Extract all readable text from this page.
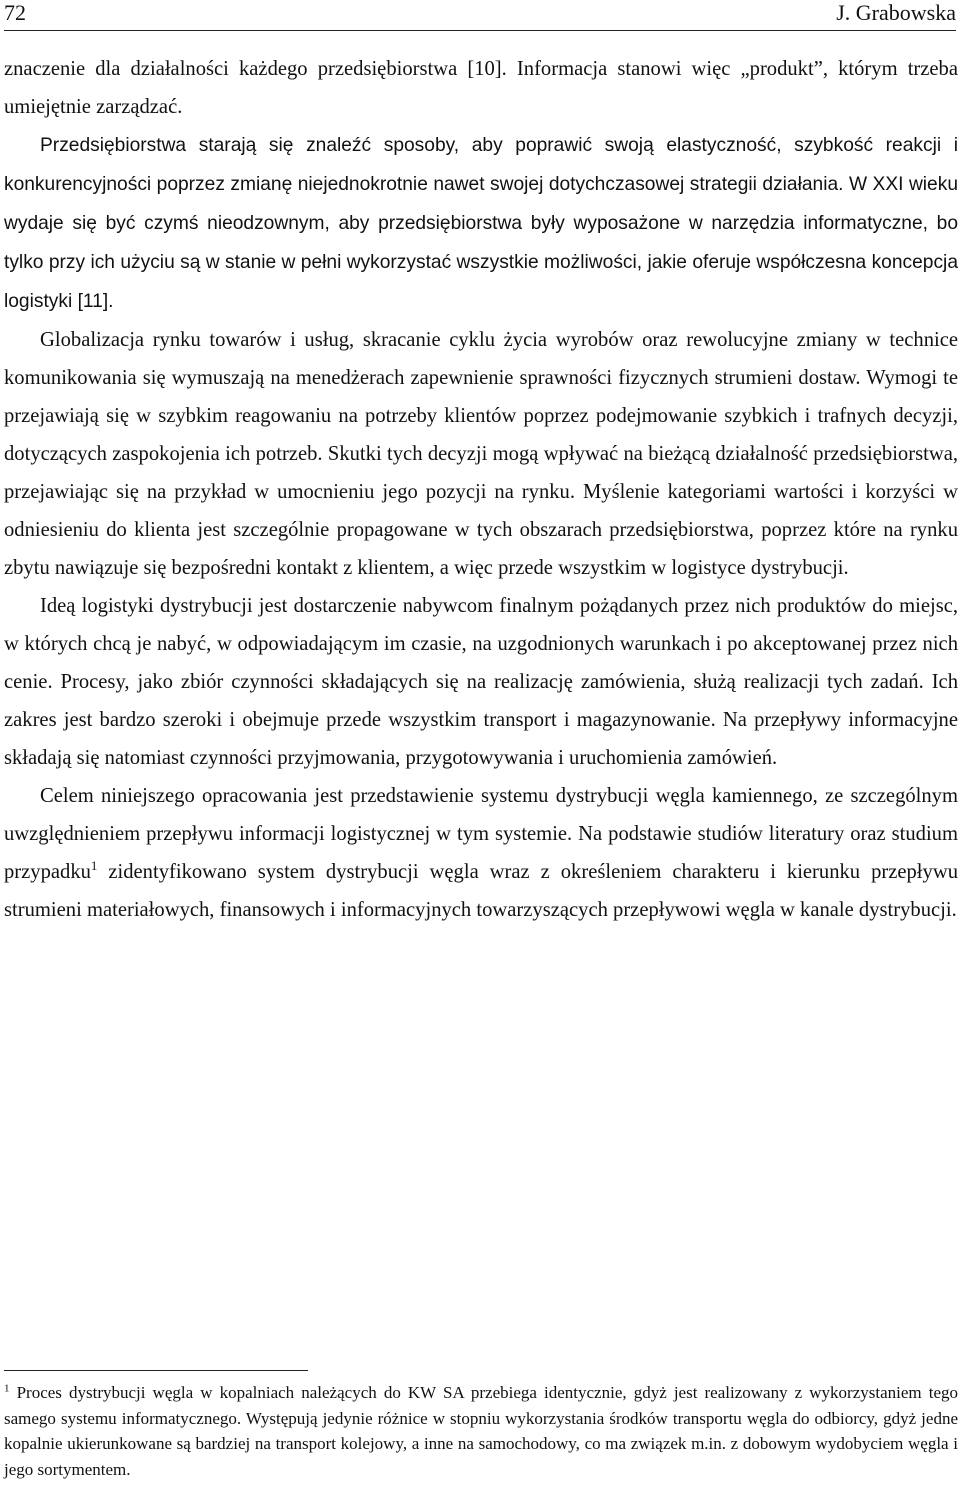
72	J. Grabowska

znaczenie dla działalności każdego przedsiębiorstwa [10]. Informacja stanowi więc „produkt”, którym trzeba umiejętnie zarządzać.

Przedsiębiorstwa starają się znaleźć sposoby, aby poprawić swoją elastyczność, szybkość reakcji i konkurencyjności poprzez zmianę niejednokrotnie nawet swojej dotychczasowej strategii działania. W XXI wieku wydaje się być czymś nieodzownym, aby przedsiębiorstwa były wyposażone w narzędzia informatyczne, bo tylko przy ich użyciu są w stanie w pełni wykorzystać wszystkie możliwości, jakie oferuje współczesna koncepcja logistyki [11].

Globalizacja rynku towarów i usług, skracanie cyklu życia wyrobów oraz rewolucyjne zmiany w technice komunikowania się wymuszają na menedżerach zapewnienie sprawności fizycznych strumieni dostaw. Wymogi te przejawiają się w szybkim reagowaniu na potrzeby klientów poprzez podejmowanie szybkich i trafnych decyzji, dotyczących zaspokojenia ich potrzeb. Skutki tych decyzji mogą wpływać na bieżącą działalność przedsiębiorstwa, przejawiając się na przykład w umocnieniu jego pozycji na rynku. Myślenie kategoriami wartości i korzyści w odniesieniu do klienta jest szczególnie propagowane w tych obszarach przedsiębiorstwa, poprzez które na rynku zbytu nawiązuje się bezpośredni kontakt z klientem, a więc przede wszystkim w logistyce dystrybucji.

Ideą logistyki dystrybucji jest dostarczenie nabywcom finalnym pożądanych przez nich produktów do miejsc, w których chcą je nabyć, w odpowiadającym im czasie, na uzgodnionych warunkach i po akceptowanej przez nich cenie. Procesy, jako zbiór czynności składających się na realizację zamówienia, służą realizacji tych zadań. Ich zakres jest bardzo szeroki i obejmuje przede wszystkim transport i magazynowanie. Na przepływy informacyjne składają się natomiast czynności przyjmowania, przygotowywania i uruchomienia zamówień.

Celem niniejszego opracowania jest przedstawienie systemu dystrybucji węgla kamiennego, ze szczególnym uwzględnieniem przepływu informacji logistycznej w tym systemie. Na podstawie studiów literatury oraz studium przypadku$^1$ zidentyfikowano system dystrybucji węgla wraz z określeniem charakteru i kierunku przepływu strumieni materiałowych, finansowych i informacyjnych towarzyszących przepływowi węgla w kanale dystrybucji.

$^1$ Proces dystrybucji węgla w kopalniach należących do KW SA przebiega identycznie, gdyż jest realizowany z wykorzystaniem tego samego systemu informatycznego. Występują jedynie różnice w stopniu wykorzystania środków transportu węgla do odbiorcy, gdyż jedne kopalnie ukierunkowane są bardziej na transport kolejowy, a inne na samochodowy, co ma związek m.in. z dobowym wydobyciem węgla i jego sortymentem.
